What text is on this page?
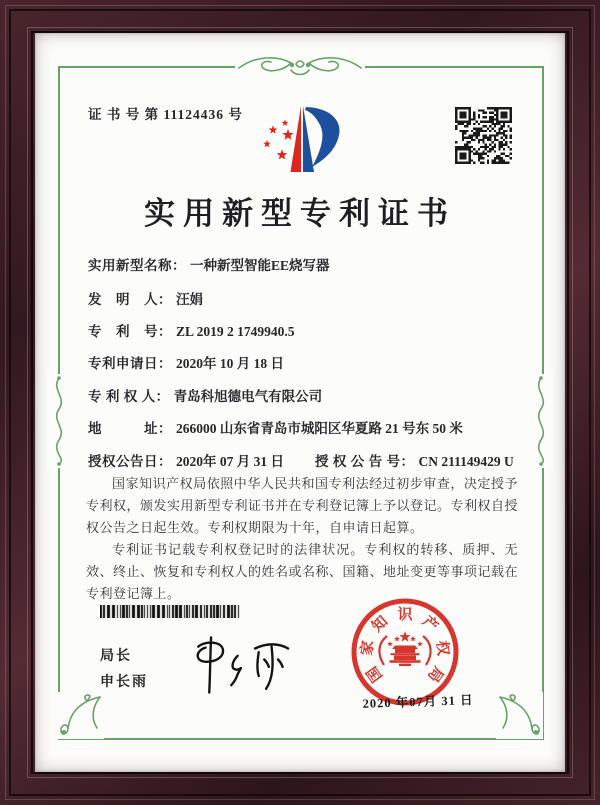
证 书 号 第 11124436 号
实用新型专利证书
实用新型名称： 一种新型智能EE烧写器
发　明　人： 汪娟
专　利　号： ZL 2019 2 1749940.5
专利申请日： 2020年 10 月 18 日
专 利 权 人： 青岛科旭德电气有限公司
地　　　址： 266000 山东省青岛市城阳区华夏路 21 号东 50 米
授权公告日： 2020年 07 月 31 日 授 权 公 告 号： CN 211149429 U

国家知识产权局依照中华人民共和国专利法经过初步审查，决定授予专利权，颁发实用新型专利证书并在专利登记簿上予以登记。专利权自授权公告之日起生效。专利权期限为十年，自申请日起算。

专利证书记载专利权登记时的法律状况。专利权的转移、质押、无效、终止、恢复和专利权人的姓名或名称、国籍、地址变更等事项记载在专利登记簿上。

局长
申长雨	国
家
知 识 产
权
局
2020 年07月 31 日
